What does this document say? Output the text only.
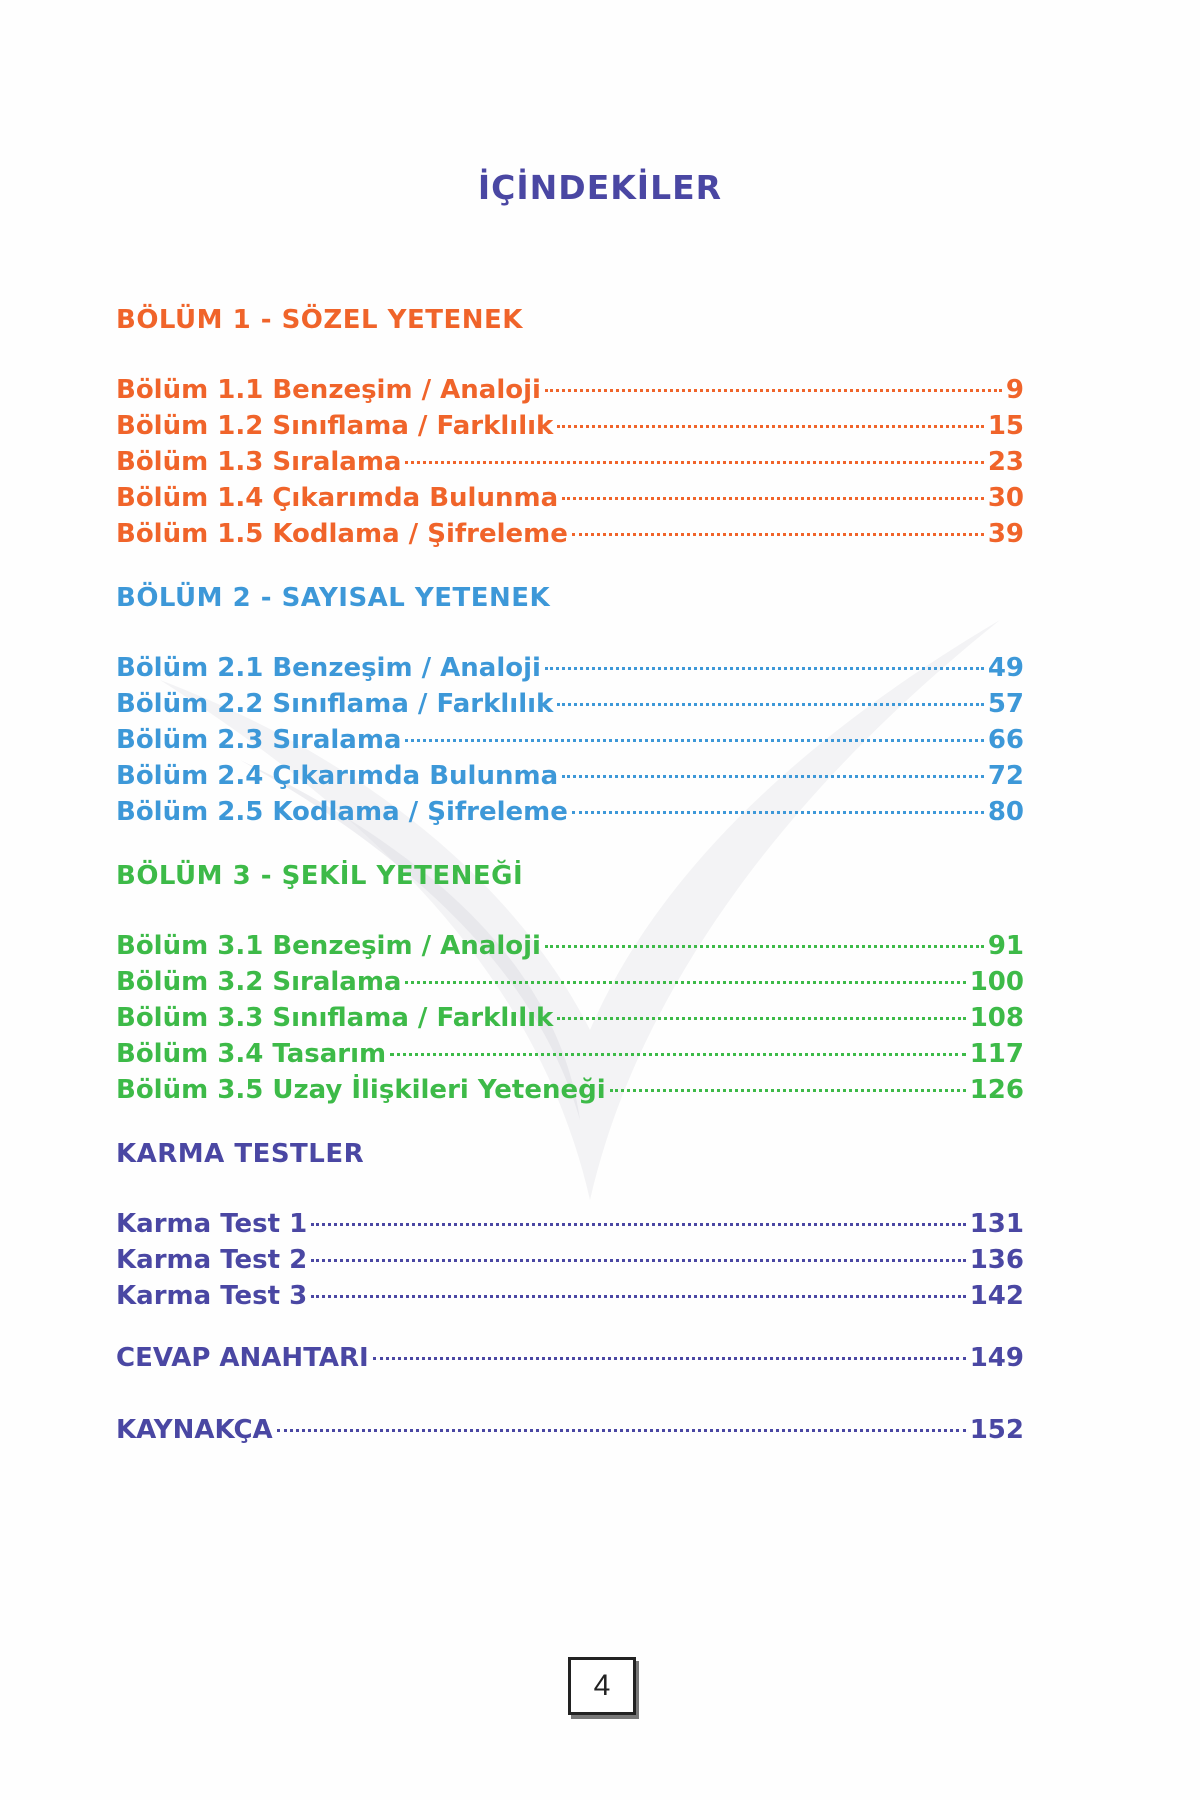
İÇİNDEKİLER
BÖLÜM 1 - SÖZEL YETENEK
Bölüm 1.1 Benzeşim / Analoji	9
Bölüm 1.2 Sınıflama / Farklılık	15
Bölüm 1.3 Sıralama	23
Bölüm 1.4 Çıkarımda Bulunma	30
Bölüm 1.5 Kodlama / Şifreleme	39
BÖLÜM 2 - SAYISAL YETENEK
Bölüm 2.1 Benzeşim / Analoji	49
Bölüm 2.2 Sınıflama / Farklılık	57
Bölüm 2.3 Sıralama	66
Bölüm 2.4 Çıkarımda Bulunma	72
Bölüm 2.5 Kodlama / Şifreleme	80
BÖLÜM 3 - ŞEKİL YETENEĞİ
Bölüm 3.1 Benzeşim / Analoji	91
Bölüm 3.2 Sıralama	100
Bölüm 3.3 Sınıflama / Farklılık	108
Bölüm 3.4 Tasarım	117
Bölüm 3.5 Uzay İlişkileri Yeteneği	126
KARMA TESTLER
Karma Test 1	131
Karma Test 2	136
Karma Test 3	142
CEVAP ANAHTARI	149
KAYNAKÇA	152
4
